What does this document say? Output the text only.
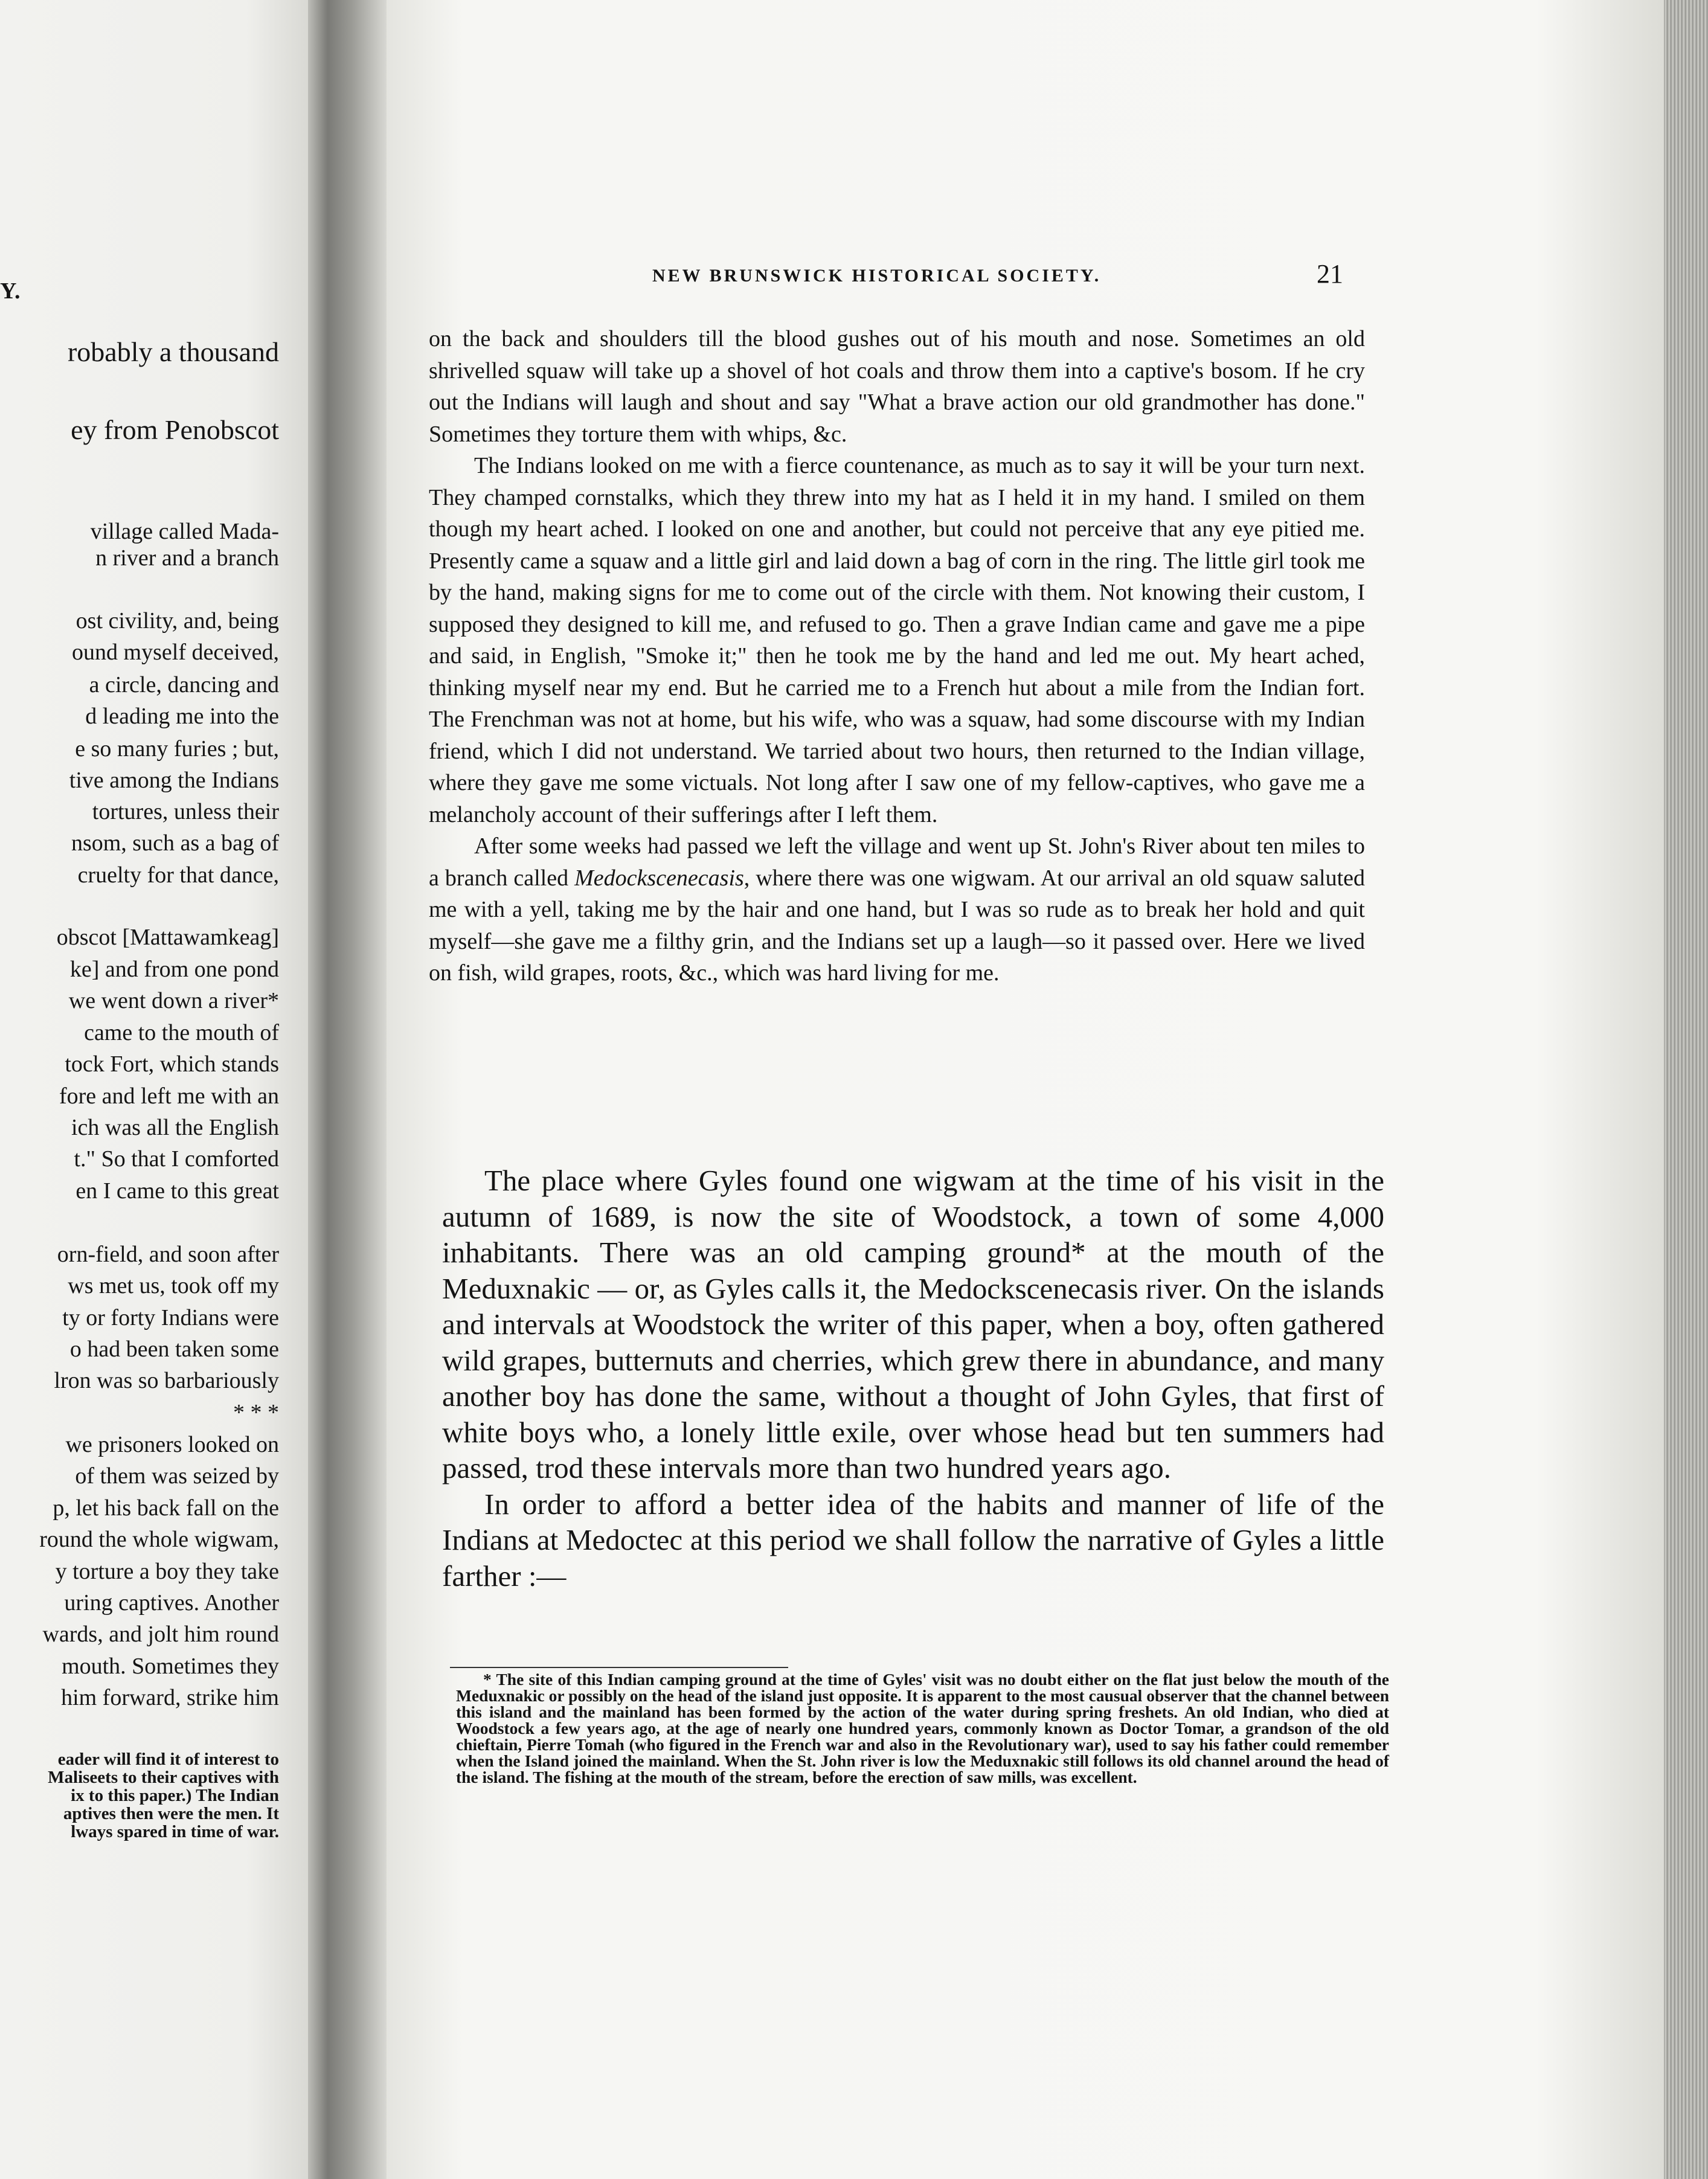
Y.
robably a thousand
ey from Penobscot
village called Mada-
n river and a branch
ost civility, and, being
ound myself deceived,
a circle, dancing and
d leading me into the
e so many furies ; but,
tive among the Indians
tortures, unless their
nsom, such as a bag of
cruelty for that dance,
obscot [Mattawamkeag]
ke] and from one pond
we went down a river*
came to the mouth of
tock Fort, which stands
fore and left me with an
ich was all the English
t." So that I comforted
en I came to this great
orn-field, and soon after
ws met us, took off my
ty or forty Indians were
o had been taken some
lron was so barbariously
* * *
we prisoners looked on
of them was seized by
p, let his back fall on the
round the whole wigwam,
y torture a boy they take
uring captives. Another
wards, and jolt him round
mouth. Sometimes they
him forward, strike him
eader will find it of interest to
Maliseets to their captives with
ix to this paper.) The Indian
aptives then were the men. It
lways spared in time of war.
NEW BRUNSWICK HISTORICAL SOCIETY.	21

on the back and shoulders till the blood gushes out of his mouth and nose. Sometimes an old shrivelled squaw will take up a shovel of hot coals and throw them into a captive's bosom. If he cry out the Indians will laugh and shout and say "What a brave action our old grandmother has done." Sometimes they torture them with whips, &c.

The Indians looked on me with a fierce countenance, as much as to say it will be your turn next. They champed cornstalks, which they threw into my hat as I held it in my hand. I smiled on them though my heart ached. I looked on one and another, but could not perceive that any eye pitied me. Presently came a squaw and a little girl and laid down a bag of corn in the ring. The little girl took me by the hand, making signs for me to come out of the circle with them. Not knowing their custom, I supposed they designed to kill me, and refused to go. Then a grave Indian came and gave me a pipe and said, in English, "Smoke it;" then he took me by the hand and led me out. My heart ached, thinking myself near my end. But he carried me to a French hut about a mile from the Indian fort. The Frenchman was not at home, but his wife, who was a squaw, had some discourse with my Indian friend, which I did not understand. We tarried about two hours, then returned to the Indian village, where they gave me some victuals. Not long after I saw one of my fellow-captives, who gave me a melancholy account of their sufferings after I left them.

After some weeks had passed we left the village and went up St. John's River about ten miles to a branch called Medockscenecasis, where there was one wigwam. At our arrival an old squaw saluted me with a yell, taking me by the hair and one hand, but I was so rude as to break her hold and quit myself—she gave me a filthy grin, and the Indians set up a laugh—so it passed over. Here we lived on fish, wild grapes, roots, &c., which was hard living for me.

The place where Gyles found one wigwam at the time of his visit in the autumn of 1689, is now the site of Woodstock, a town of some 4,000 inhabitants. There was an old camping ground* at the mouth of the Meduxnakic — or, as Gyles calls it, the Medockscenecasis river. On the islands and intervals at Woodstock the writer of this paper, when a boy, often gathered wild grapes, butternuts and cherries, which grew there in abundance, and many another boy has done the same, without a thought of John Gyles, that first of white boys who, a lonely little exile, over whose head but ten summers had passed, trod these intervals more than two hundred years ago.

In order to afford a better idea of the habits and manner of life of the Indians at Medoctec at this period we shall follow the narrative of Gyles a little farther :—

* The site of this Indian camping ground at the time of Gyles' visit was no doubt either on the flat just below the mouth of the Meduxnakic or possibly on the head of the island just opposite. It is apparent to the most causual observer that the channel between this island and the mainland has been formed by the action of the water during spring freshets. An old Indian, who died at Woodstock a few years ago, at the age of nearly one hundred years, commonly known as Doctor Tomar, a grandson of the old chieftain, Pierre Tomah (who figured in the French war and also in the Revolutionary war), used to say his father could remember when the Island joined the mainland. When the St. John river is low the Meduxnakic still follows its old channel around the head of the island. The fishing at the mouth of the stream, before the erection of saw mills, was excellent.
